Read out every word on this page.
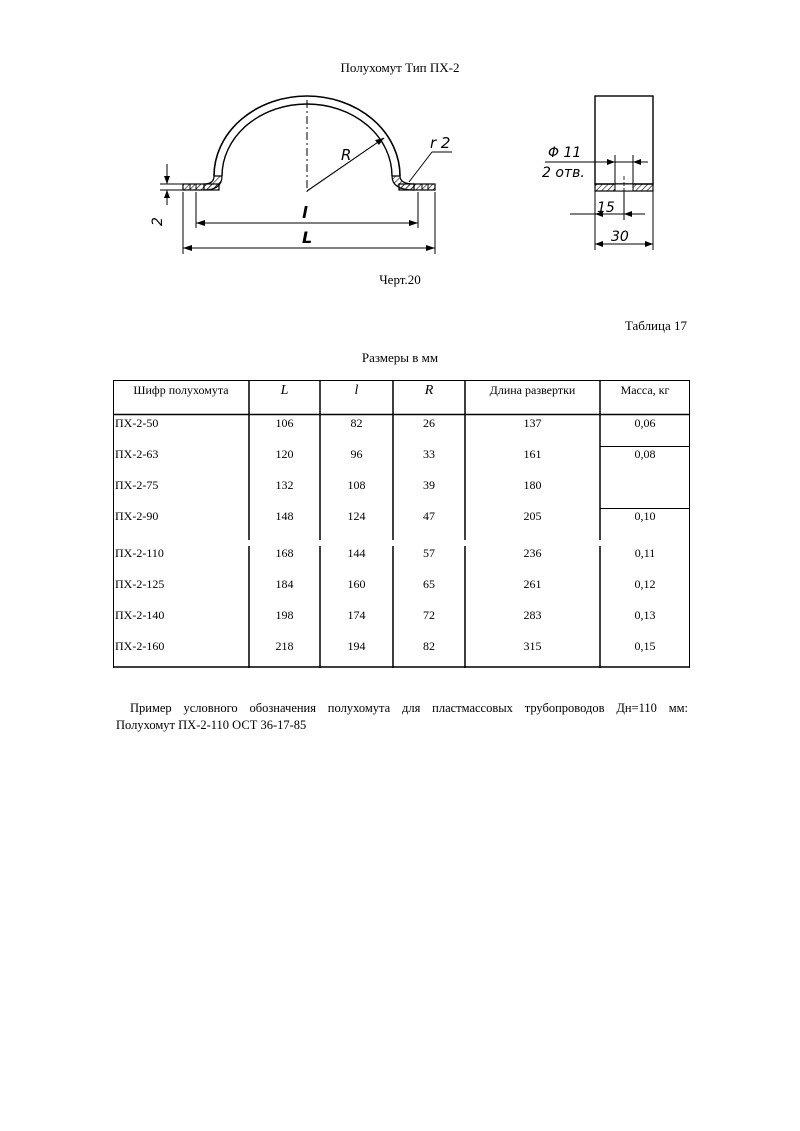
Полухомут Тип ПХ-2
R
r 2
l
L
2
Φ 11
2 отв.
15
30
Черт.20
Таблица 17
Размеры в мм
Шифр полухомута	L	l	R	Длина развертки	Масса, кг
ПХ-2-50	106	82	26	137	0,06
ПХ-2-63	120	96	33	161	0,08
ПХ-2-75	132	108	39	180
ПХ-2-90	148	124	47	205	0,10
ПХ-2-110	168	144	57	236	0,11
ПХ-2-125	184	160	65	261	0,12
ПХ-2-140	198	174	72	283	0,13
ПХ-2-160	218	194	82	315	0,15

Пример условного обозначения полухомута для пластмассовых трубопроводов Дн=110 мм:

Полухомут ПХ-2-110 ОСТ 36-17-85
